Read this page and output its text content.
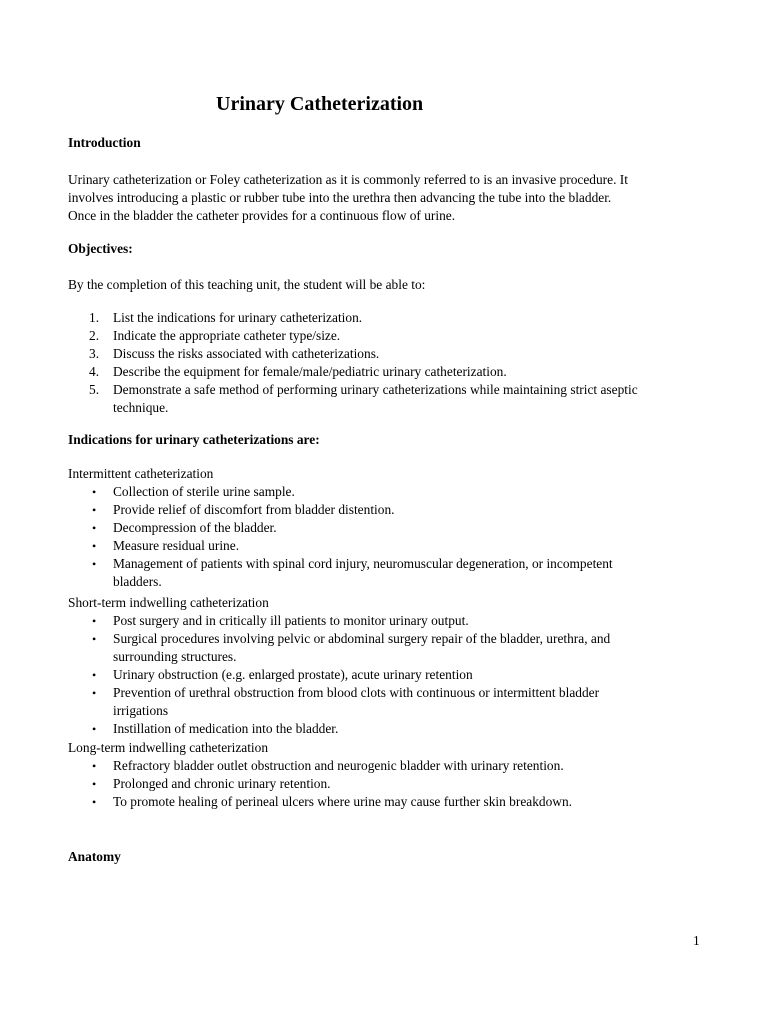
Urinary Catheterization
Introduction
Urinary catheterization or Foley catheterization as it is commonly referred to is an invasive procedure. It
involves introducing a plastic or rubber tube into the urethra then advancing the tube into the bladder.
Once in the bladder the catheter provides for a continuous flow of urine.
Objectives:
By the completion of this teaching unit, the student will be able to:
1. List the indications for urinary catheterization.
2. Indicate the appropriate catheter type/size.
3. Discuss the risks associated with catheterizations.
4. Describe the equipment for female/male/pediatric urinary catheterization.
5. Demonstrate a safe method of performing urinary catheterizations while maintaining strict aseptic
technique.
Indications for urinary catheterizations are:
Intermittent catheterization
• Collection of sterile urine sample.
• Provide relief of discomfort from bladder distention.
• Decompression of the bladder.
• Measure residual urine.
• Management of patients with spinal cord injury, neuromuscular degeneration, or incompetent
bladders.
Short-term indwelling catheterization
• Post surgery and in critically ill patients to monitor urinary output.
• Surgical procedures involving pelvic or abdominal surgery repair of the bladder, urethra, and
surrounding structures.
• Urinary obstruction (e.g. enlarged prostate), acute urinary retention
• Prevention of urethral obstruction from blood clots with continuous or intermittent bladder
irrigations
• Instillation of medication into the bladder.
Long-term indwelling catheterization
• Refractory bladder outlet obstruction and neurogenic bladder with urinary retention.
• Prolonged and chronic urinary retention.
• To promote healing of perineal ulcers where urine may cause further skin breakdown.
Anatomy
1
